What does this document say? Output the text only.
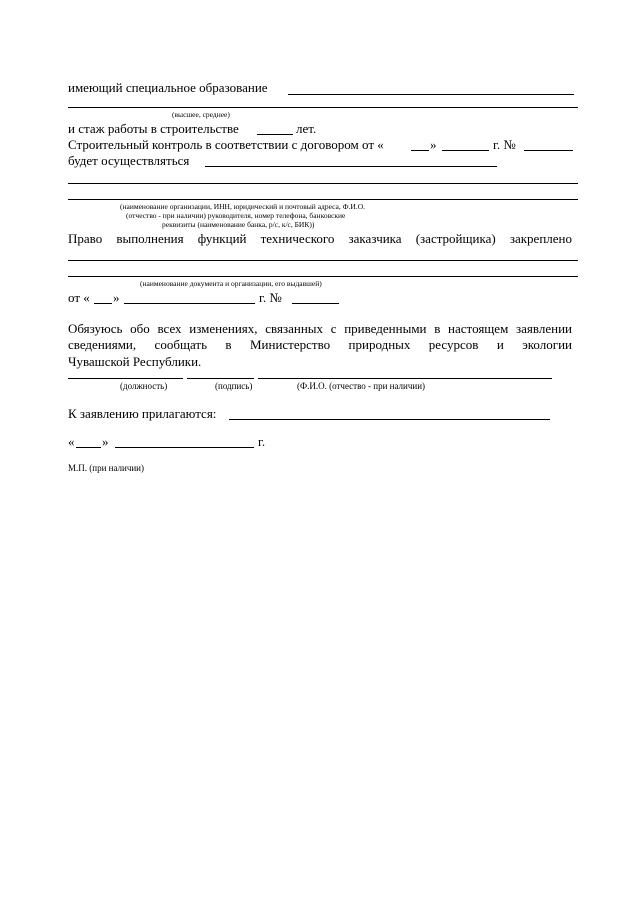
имеющий специальное образование
(высшее, среднее)
и стаж работы в строительстве	лет.
Строительный контроль в соответствии с договором от «	»	г. №
будет осуществляться
(наименование организации, ИНН, юридический и почтовый адреса, Ф.И.О.
(отчество - при наличии) руководителя, номер телефона, банковские
реквизиты (наименование банка, р/с, к/с, БИК))
Право выполнения функций технического заказчика (застройщика) закреплено
(наименование документа и организации, его выдавшей)
от « »	г. №
Обязуюсь обо всех изменениях, связанных с приведенными в настоящем заявлении
сведениями, сообщать в Министерство природных ресурсов и экологии
Чувашской Республики.
(должность)	(подпись)	(Ф.И.О. (отчество - при наличии)
К заявлению прилагаются:
« »	г.
М.П. (при наличии)
